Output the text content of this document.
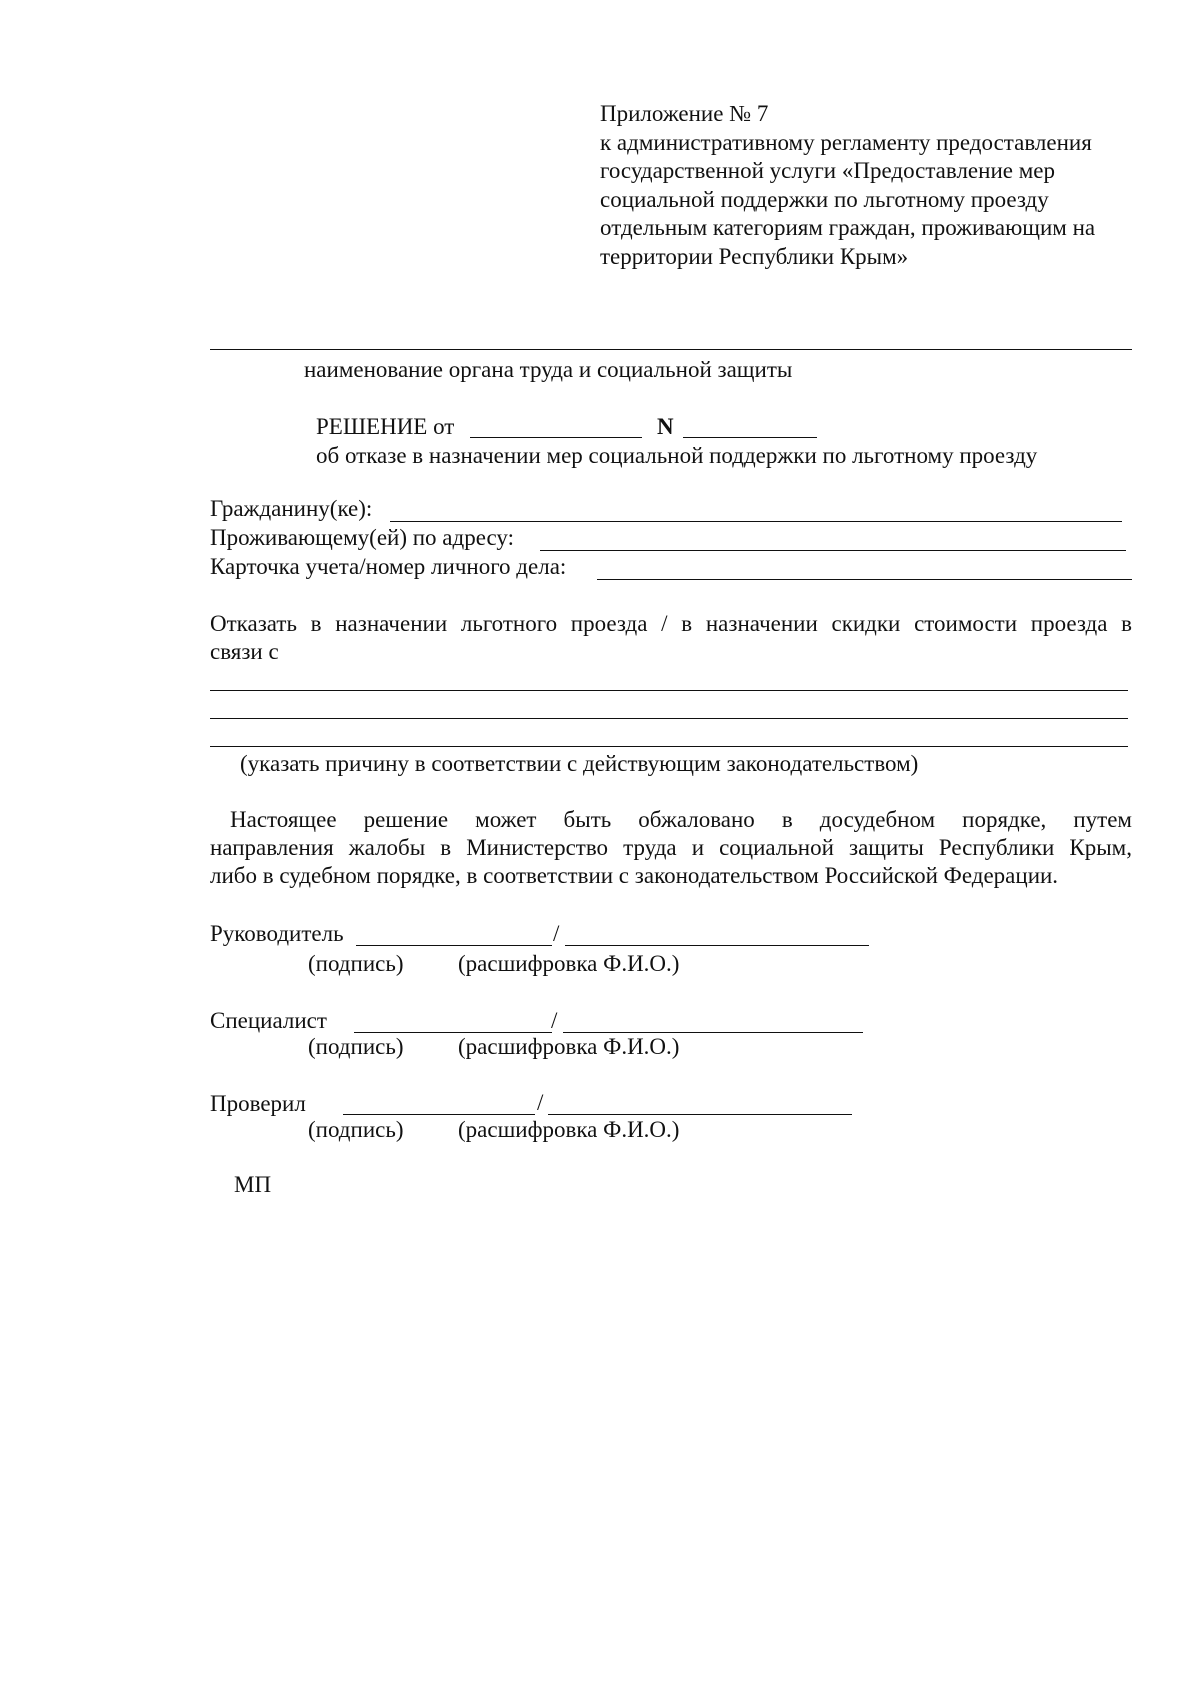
Приложение № 7
к административному регламенту предоставления
государственной услуги «Предоставление мер
социальной поддержки по льготному проезду
отдельным категориям граждан, проживающим на
территории Республики Крым»
наименование органа труда и социальной защиты
РЕШЕНИЕ от	N
об отказе в назначении мер социальной поддержки по льготному проезду
Гражданину(ке):
Проживающему(ей) по адресу:
Карточка учета/номер личного дела:
Отказать в назначении льготного проезда / в назначении скидки стоимости проезда в
связи с
(указать причину в соответствии с действующим законодательством)
Настоящее решение может быть обжаловано в досудебном порядке, путем
направления жалобы в Министерство труда и социальной защиты Республики Крым,
либо в судебном порядке, в соответствии с законодательством Российской Федерации.
Руководитель	/
(подпись) (расшифровка Ф.И.О.)
Специалист	/
(подпись) (расшифровка Ф.И.О.)
Проверил	/
(подпись) (расшифровка Ф.И.О.)
МП
